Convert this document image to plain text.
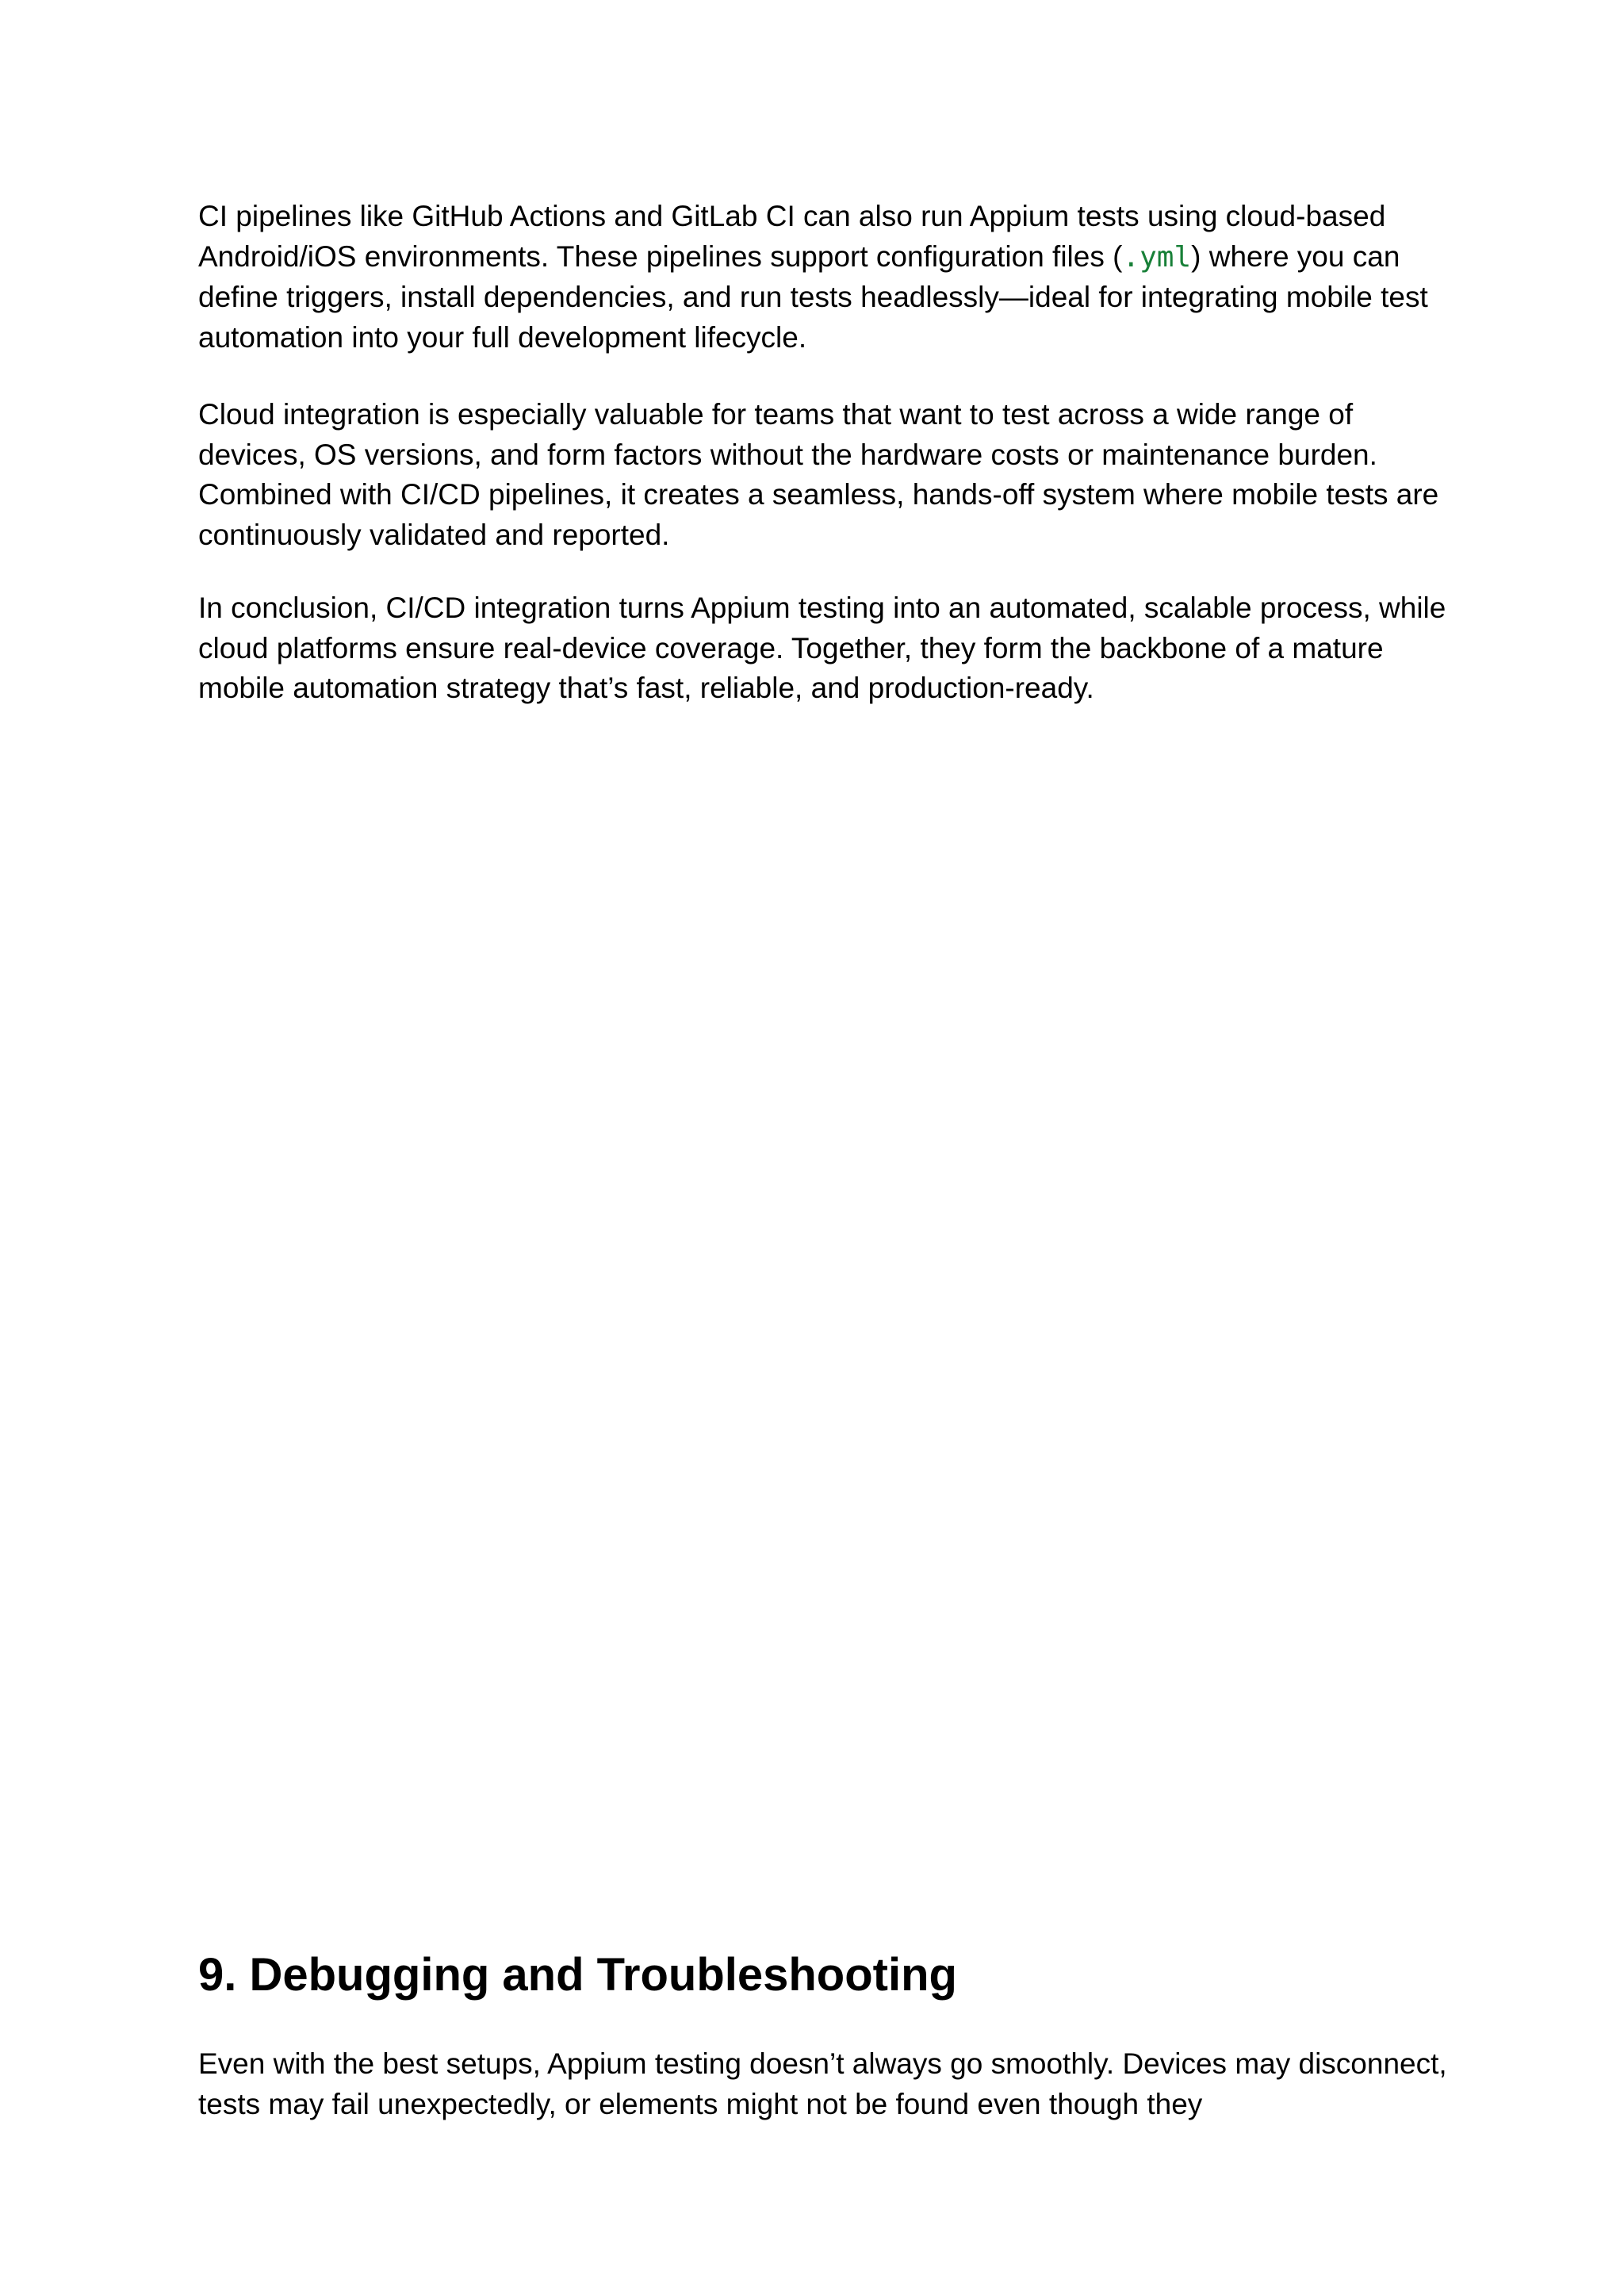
CI pipelines like GitHub Actions and GitLab CI can also run Appium tests using cloud-based Android/iOS environments. These pipelines support configuration files (.yml) where you can define triggers, install dependencies, and run tests headlessly—ideal for integrating mobile test automation into your full development lifecycle.

Cloud integration is especially valuable for teams that want to test across a wide range of devices, OS versions, and form factors without the hardware costs or maintenance burden. Combined with CI/CD pipelines, it creates a seamless, hands-off system where mobile tests are continuously validated and reported.

In conclusion, CI/CD integration turns Appium testing into an automated, scalable process, while cloud platforms ensure real-device coverage. Together, they form the backbone of a mature mobile automation strategy that’s fast, reliable, and production-ready.

9. Debugging and Troubleshooting

Even with the best setups, Appium testing doesn’t always go smoothly. Devices may disconnect, tests may fail unexpectedly, or elements might not be found even though they
